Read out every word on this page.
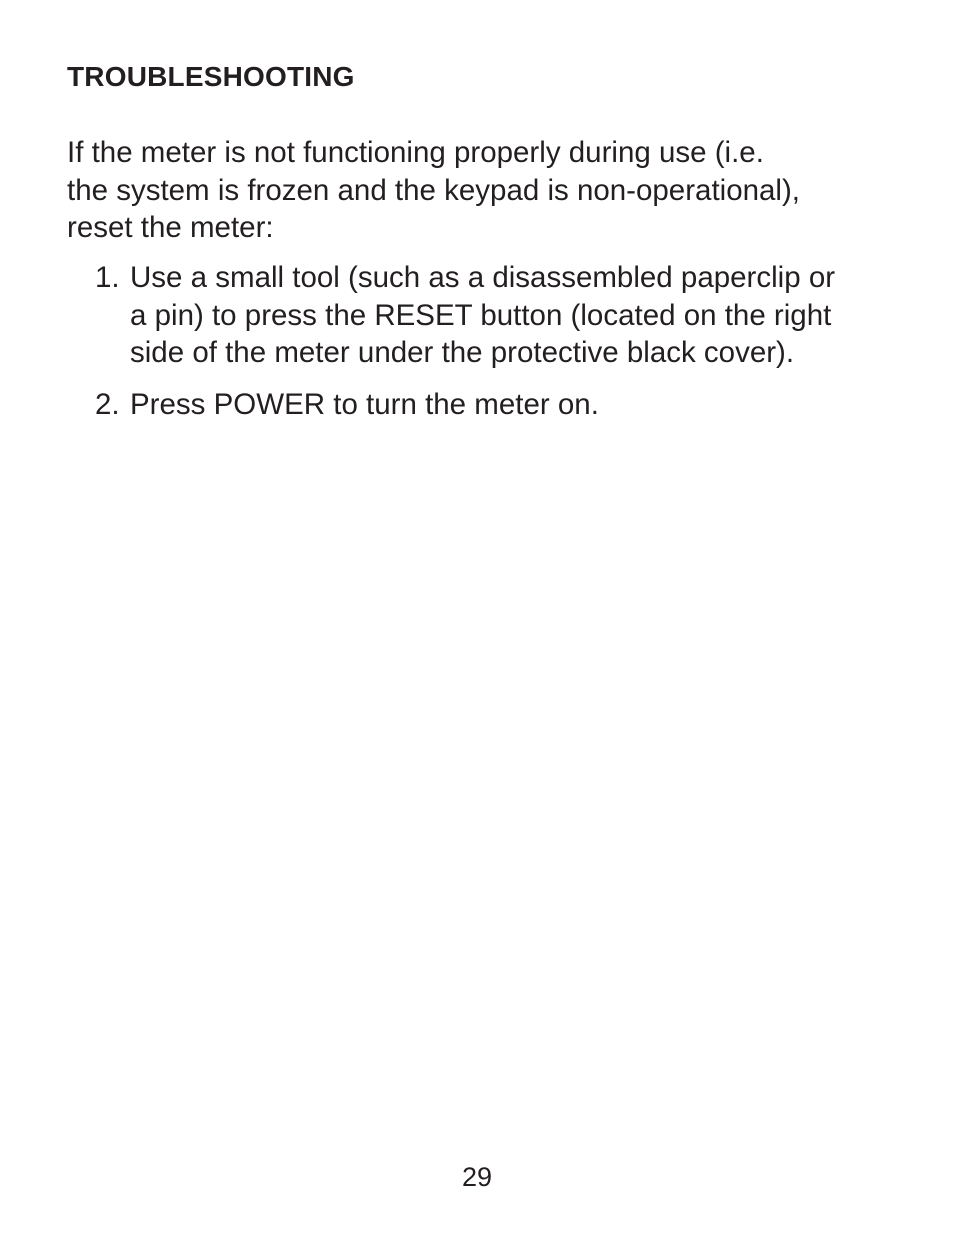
TROUBLESHOOTING

If the meter is not functioning properly during use (i.e.
the system is frozen and the keypad is non-operational),
reset the meter:

1. Use a small tool (such as a disassembled paperclip or
a pin) to press the RESET button (located on the right
side of the meter under the protective black cover).
2. Press POWER to turn the meter on.
29
